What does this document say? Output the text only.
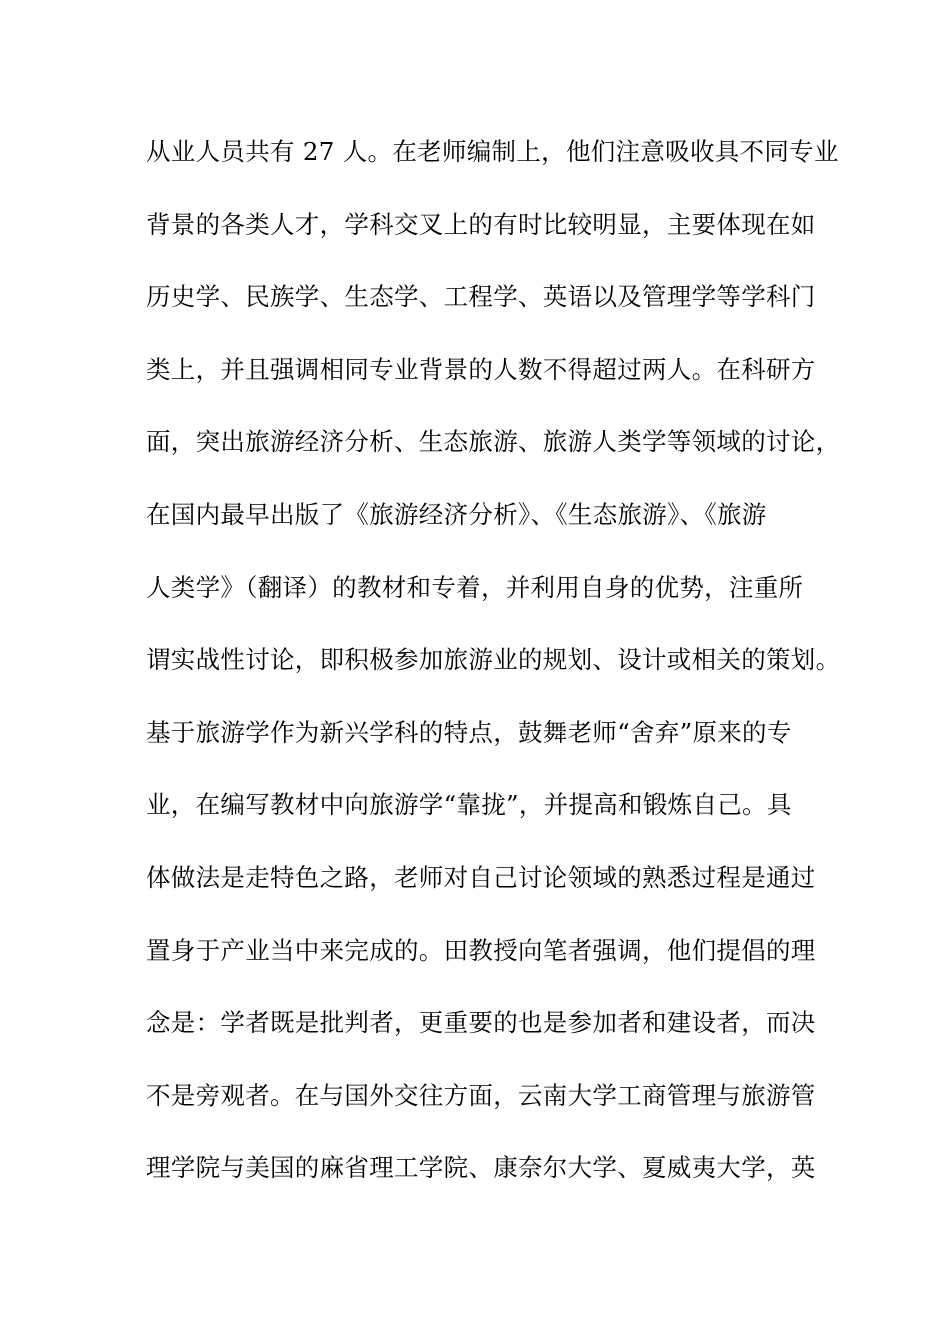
从业人员共有 27 人。在老师编制上，他们注意吸收具不同专业
背景的各类人才，学科交叉上的有时比较明显，主要体现在如
历史学、民族学、生态学、工程学、英语以及管理学等学科门
类上，并且强调相同专业背景的人数不得超过两人。在科研方
面，突出旅游经济分析、生态旅游、旅游人类学等领域的讨论，
在国内最早出版了《旅游经济分析》、《生态旅游》、《旅游
人类学》（翻译）的教材和专着，并利用自身的优势，注重所
谓实战性讨论，即积极参加旅游业的规划、设计或相关的策划。
基于旅游学作为新兴学科的特点，鼓舞老师“舍弃”原来的专
业，在编写教材中向旅游学“靠拢”，并提高和锻炼自己。具
体做法是走特色之路，老师对自己讨论领域的熟悉过程是通过
置身于产业当中来完成的。田教授向笔者强调，他们提倡的理
念是：学者既是批判者，更重要的也是参加者和建设者，而决
不是旁观者。在与国外交往方面，云南大学工商管理与旅游管
理学院与美国的麻省理工学院、康奈尔大学、夏威夷大学，英
